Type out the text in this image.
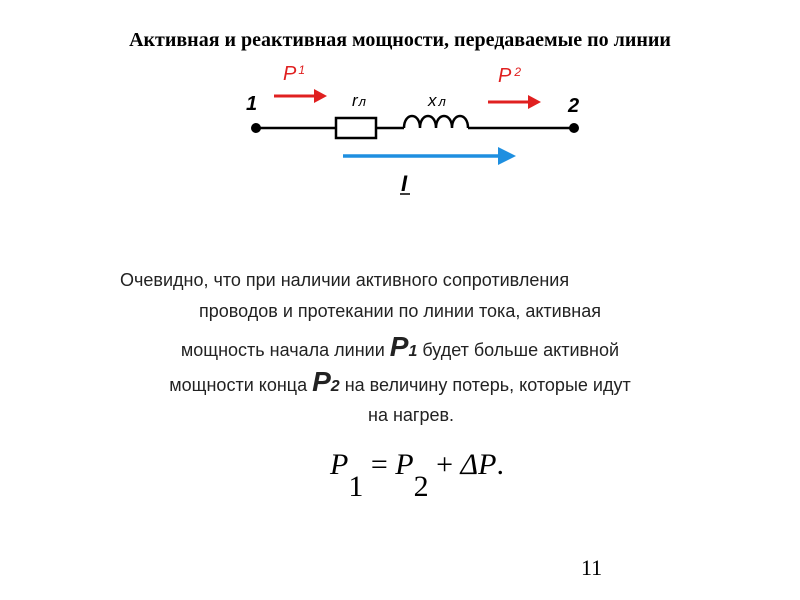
Активная и реактивная мощности, передаваемые по линии
1	2
P $^1$	P $^2$
rл	x л
I
Очевидно, что при наличии активного сопротивления
проводов и протекании по линии тока, активная
мощность начала линии P1 будет больше активной
мощности конца P2 на величину потерь, которые идут
на нагрев.
$P_1 = P_2 + \Delta P$.
11
